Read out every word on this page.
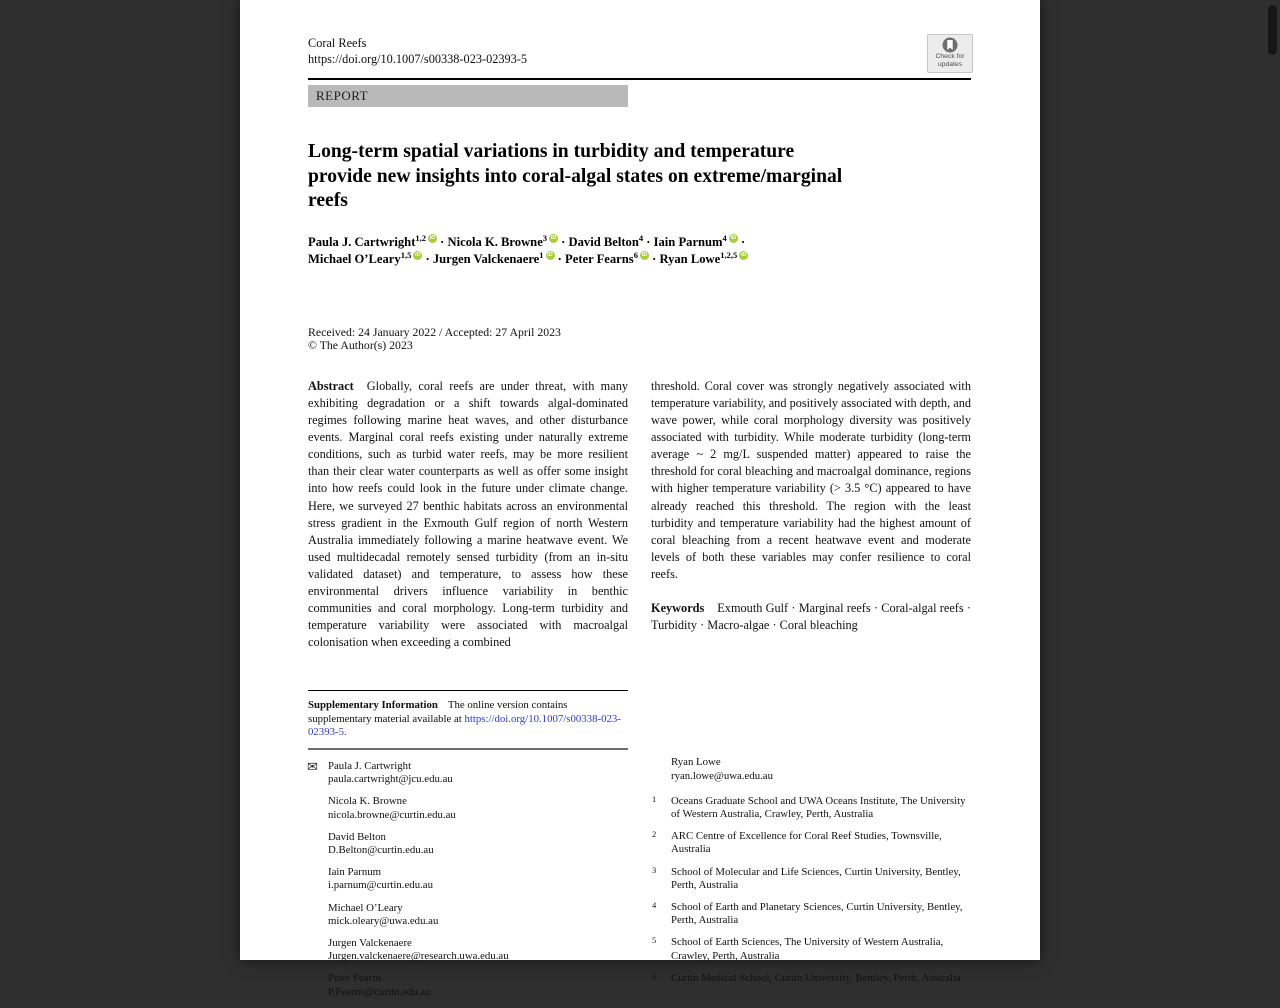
Coral Reefs
https://doi.org/10.1007/s00338-023-02393-5	Check for
updates
REPORT
Long-term spatial variations in turbidity and temperature
provide new insights into coral-algal states on extreme/marginal
reefs
Paula J. Cartwright$^{1,2}$ iD · Nicola K. Browne$^3$ iD · David Belton$^4$ · Iain Parnum$^4$ iD ·
Michael O’Leary$^{1,5}$ iD · Jurgen Valckenaere$^1$ iD · Peter Fearns$^6$ iD · Ryan Lowe$^{1,2,5}$ iD
Received: 24 January 2022 / Accepted: 27 April 2023
© The Author(s) 2023
Abstract Globally, coral reefs are under threat, with many exhibiting degradation or a shift towards algal-dominated regimes following marine heat waves, and other disturbance events. Marginal coral reefs existing under naturally extreme conditions, such as turbid water reefs, may be more resilient than their clear water counterparts as well as offer some insight into how reefs could look in the future under climate change. Here, we surveyed 27 benthic habitats across an environmental stress gradient in the Exmouth Gulf region of north Western Australia immediately following a marine heatwave event. We used multidecadal remotely sensed turbidity (from an in-situ validated dataset) and temperature, to assess how these environmental drivers influence variability in benthic communities and coral morphology. Long-term turbidity and temperature variability were associated with macroalgal colonisation when exceeding a combined
threshold. Coral cover was strongly negatively associated with temperature variability, and positively associated with depth, and wave power, while coral morphology diversity was positively associated with turbidity. While moderate turbidity (long-term average ~ 2 mg/L suspended matter) appeared to raise the threshold for coral bleaching and macroalgal dominance, regions with higher temperature variability (> 3.5 °C) appeared to have already reached this threshold. The region with the least turbidity and temperature variability had the highest amount of coral bleaching from a recent heatwave event and moderate levels of both these variables may confer resilience to coral reefs.
Keywords Exmouth Gulf · Marginal reefs · Coral-algal reefs · Turbidity · Macro-algae · Coral bleaching
Supplementary Information The online version contains supplementary material available at https://doi.org/10.1007/s00338-023-02393-5.
✉ Paula J. Cartwright
paula.cartwright@jcu.edu.au
Nicola K. Browne
nicola.browne@curtin.edu.au
David Belton
D.Belton@curtin.edu.au
Iain Parnum
i.parnum@curtin.edu.au
Michael O’Leary
mick.oleary@uwa.edu.au
Jurgen Valckenaere
Jurgen.valckenaere@research.uwa.edu.au
Peter Fearns
P.Fearns@curtin.edu.au
Ryan Lowe
ryan.lowe@uwa.edu.au
1 Oceans Graduate School and UWA Oceans Institute, The University of Western Australia, Crawley, Perth, Australia
2 ARC Centre of Excellence for Coral Reef Studies, Townsville, Australia
3 School of Molecular and Life Sciences, Curtin University, Bentley, Perth, Australia
4 School of Earth and Planetary Sciences, Curtin University, Bentley, Perth, Australia
5 School of Earth Sciences, The University of Western Australia, Crawley, Perth, Australia
6 Curtin Medical School, Curtin University, Bentley, Perth, Australia
